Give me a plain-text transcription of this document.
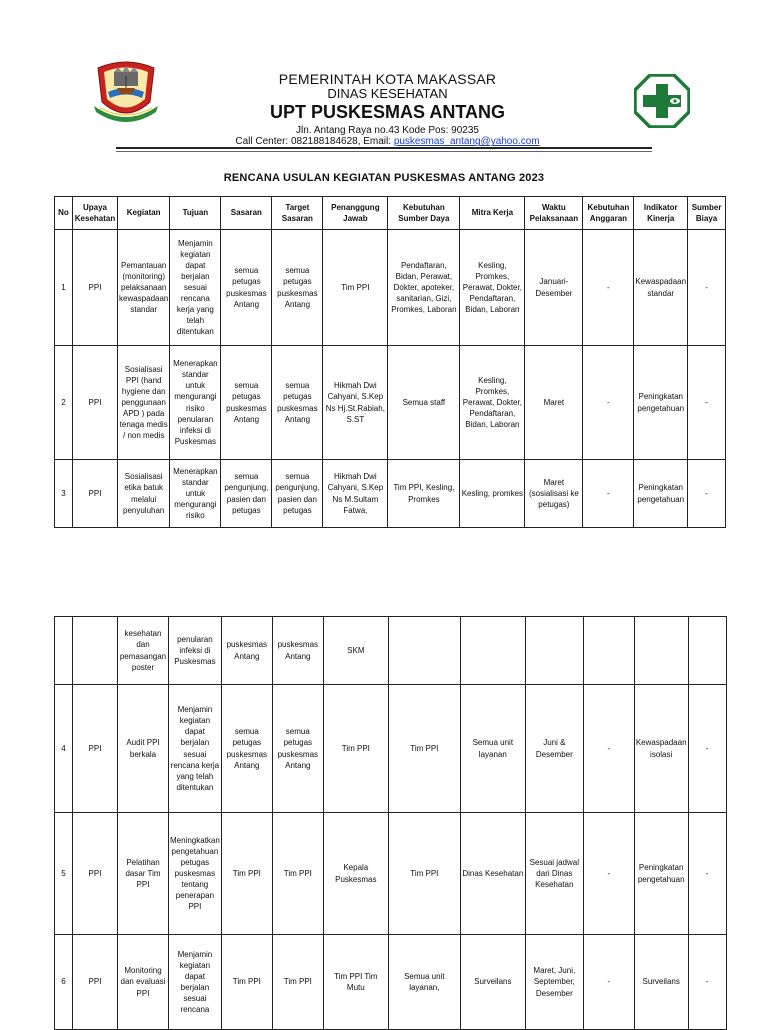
PEMERINTAH KOTA MAKASSAR
DINAS KESEHATAN
UPT PUSKESMAS ANTANG
Jln. Antang Raya no.43 Kode Pos: 90235
Call Center: 082188184628, Email: puskesmas_antang@yahoo.com
RENCANA USULAN KEGIATAN PUSKESMAS ANTANG 2023
No	Upaya Kesehatan	Kegiatan	Tujuan	Sasaran	Target Sasaran	Penanggung Jawab	Kebutuhan Sumber Daya	Mitra Kerja	Waktu Pelaksanaan	Kebutuhan Anggaran	Indikator Kinerja	Sumber Biaya
1	PPI	Pemantauan (monitoring) pelaksanaan kewaspadaan standar	Menjamin kegiatan dapat berjalan sesuai rencana kerja yang telah ditentukan	semua petugas puskesmas Antang	semua petugas puskesmas Antang	Tim PPI	Pendaftaran, Bidan, Perawat, Dokter, apoteker, sanitarian, Gizi, Promkes, Laboran	Kesling, Promkes, Perawat, Dokter, Pendaftaran, Bidan, Laboran	Januari-Desember	-	Kewaspadaan standar	-
2	PPI	Sosialisasi PPI (hand hygiene dan penggunaan APD ) pada tenaga medis / non medis	Menerapkan standar untuk mengurangi risiko penularan infeksi di Puskesmas	semua petugas puskesmas Antang	semua petugas puskesmas Antang	Hikmah Dwi Cahyani, S.Kep Ns Hj.St.Rabiah, S.ST	Semua staff	Kesling, Promkes, Perawat, Dokter, Pendaftaran, Bidan, Laboran	Maret	-	Peningkatan pengetahuan	-
3	PPI	Sosialisasi etika batuk melalui penyuluhan	Menerapkan standar untuk mengurangi risiko	semua pengunjung, pasien dan petugas	semua pengunjung, pasien dan petugas	Hikmah Dwi Cahyani, S.Kep Ns M.Sultam Fatwa,	Tim PPI, Kesling, Promkes	Kesling, promkes	Maret (sosialisasi ke petugas)	-	Peningkatan pengetahuan	-
		kesehatan dan pemasangan poster	penularan infeksi di Puskesmas	puskesmas Antang	puskesmas Antang	SKM						
4	PPI	Audit PPI berkala	Menjamin kegiatan dapat berjalan sesuai rencana kerja yang telah ditentukan	semua petugas puskesmas Antang	semua petugas puskesmas Antang	Tim PPI	Tim PPI	Semua unit layanan	Juni & Desember	-	Kewaspadaan isolasi	-
5	PPI	Pelatihan dasar Tim PPI	Meningkatkan pengetahuan petugas puskesmas tentang penerapan PPI	Tim PPI	Tim PPI	Kepala Puskesmas	Tim PPI	Dinas Kesehatan	Sesuai jadwal dari Dinas Kesehatan	-	Peningkatan pengetahuan	-
6	PPI	Monitoring dan evaluasi PPI	Menjamin kegiatan dapat berjalan sesuai rencana	Tim PPI	Tim PPI	Tim PPI Tim Mutu	Semua unit layanan,	Surveilans	Maret, Juni, September, Desember	-	Surveilans	-
